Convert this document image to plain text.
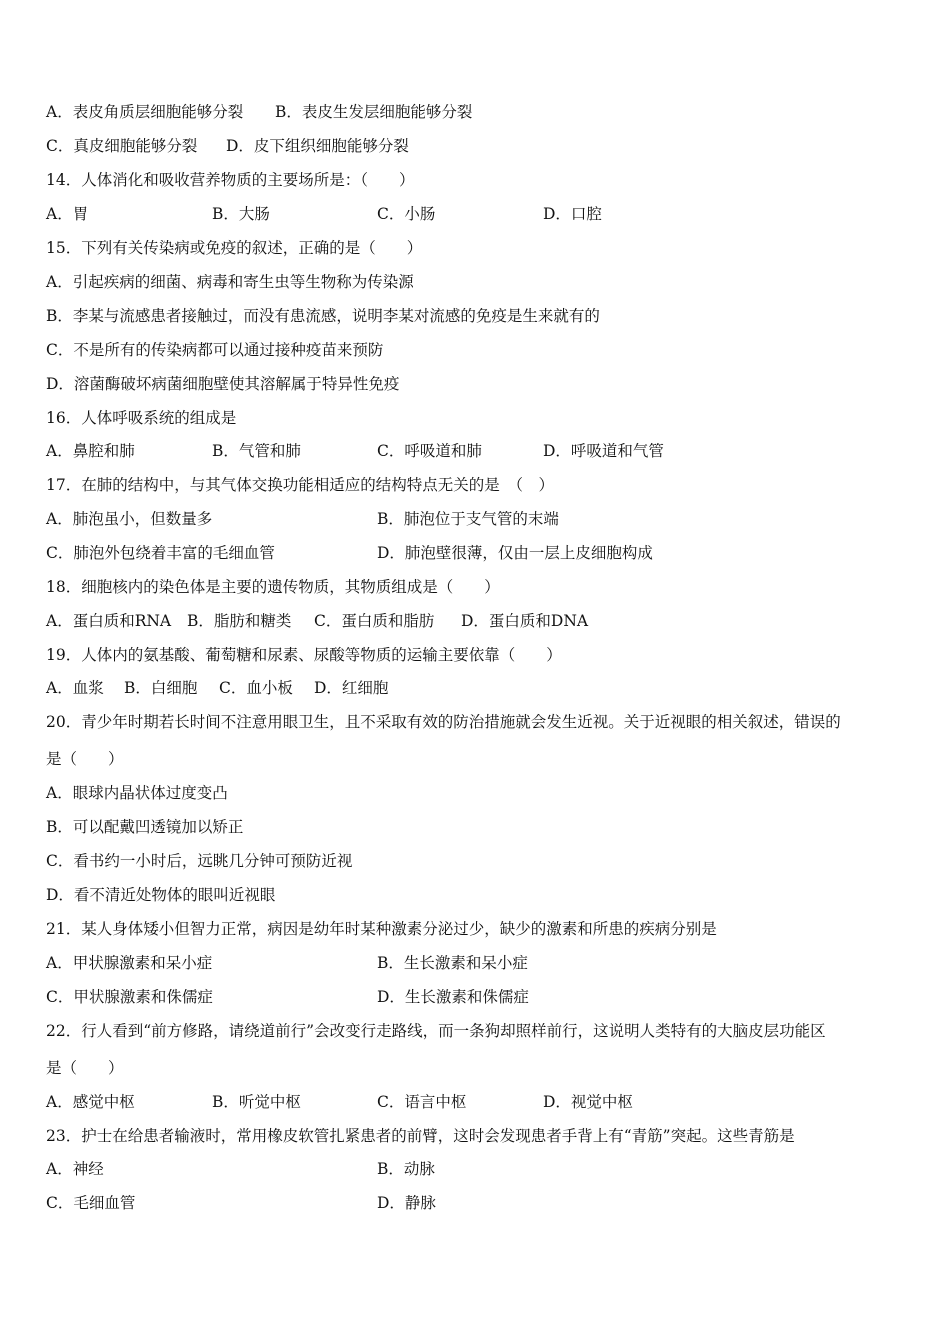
A．表皮角质层细胞能够分裂 B．表皮生发层细胞能够分裂
C．真皮细胞能够分裂 D．皮下组织细胞能够分裂
14．人体消化和吸收营养物质的主要场所是：（　　）
A．胃	B．大肠	C．小肠	D．口腔
15．下列有关传染病或免疫的叙述，正确的是（　　）
A．引起疾病的细菌、病毒和寄生虫等生物称为传染源
B．李某与流感患者接触过，而没有患流感，说明李某对流感的免疫是生来就有的
C．不是所有的传染病都可以通过接种疫苗来预防
D．溶菌酶破坏病菌细胞壁使其溶解属于特异性免疫
16．人体呼吸系统的组成是
A．鼻腔和肺	B．气管和肺	C．呼吸道和肺	D．呼吸道和气管
17．在肺的结构中，与其气体交换功能相适应的结构特点无关的是　（　）
A．肺泡虽小，但数量多	B．肺泡位于支气管的末端
C．肺泡外包绕着丰富的毛细血管	D．肺泡壁很薄，仅由一层上皮细胞构成
18．细胞核内的染色体是主要的遗传物质，其物质组成是（　　）
A．蛋白质和RNA B．脂肪和糖类 C．蛋白质和脂肪 D．蛋白质和DNA
19．人体内的氨基酸、葡萄糖和尿素、尿酸等物质的运输主要依靠（　　）
A．血浆 B．白细胞 C．血小板 D．红细胞
20．青少年时期若长时间不注意用眼卫生，且不采取有效的防治措施就会发生近视。关于近视眼的相关叙述，错误的
是（　　）
A．眼球内晶状体过度变凸
B．可以配戴凹透镜加以矫正
C．看书约一小时后，远眺几分钟可预防近视
D．看不清近处物体的眼叫近视眼
21．某人身体矮小但智力正常，病因是幼年时某种激素分泌过少，缺少的激素和所患的疾病分别是
A．甲状腺激素和呆小症	B．生长激素和呆小症
C．甲状腺激素和侏儒症	D．生长激素和侏儒症
22．行人看到“前方修路，请绕道前行”会改变行走路线，而一条狗却照样前行，这说明人类特有的大脑皮层功能区
是（　　）
A．感觉中枢	B．听觉中枢	C．语言中枢	D．视觉中枢
23．护士在给患者输液时，常用橡皮软管扎紧患者的前臂，这时会发现患者手背上有“青筋”突起。这些青筋是
A．神经	B．动脉
C．毛细血管	D．静脉
